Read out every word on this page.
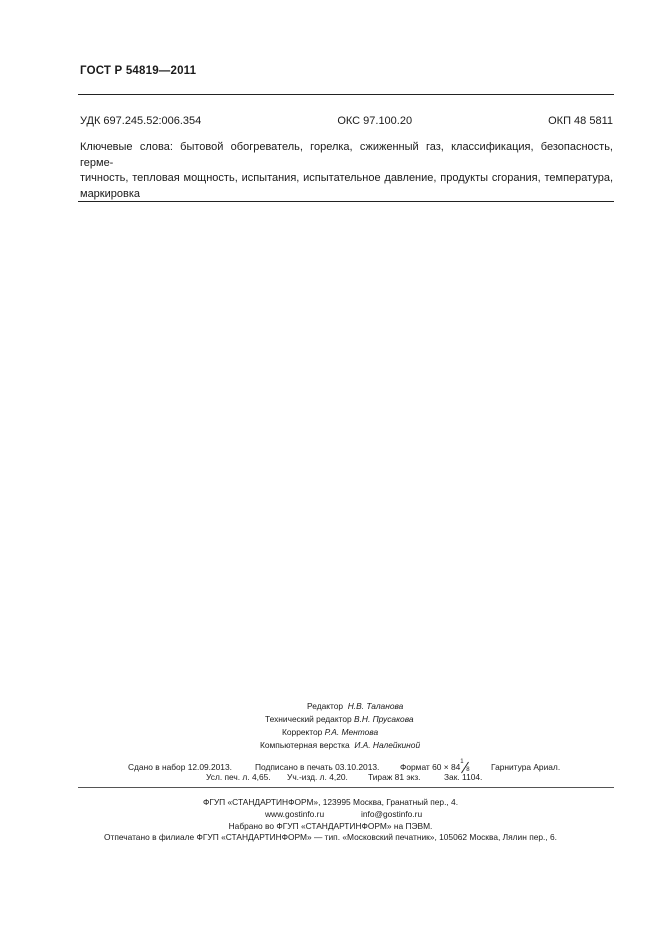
ГОСТ Р 54819—2011
УДК 697.245.52:006.354	ОКС 97.100.20	ОКП 48 5811
Ключевые слова: бытовой обогреватель, горелка, сжиженный газ, классификация, безопасность, герме-
тичность, тепловая мощность, испытания, испытательное давление, продукты сгорания, температура,
маркировка
Редактор Н.В. Таланова
Технический редактор В.Н. Прусакова
Корректор Р.А. Ментова
Компьютерная верстка И.А. Налейкиной
Сдано в набор 12.09.2013.	Подписано в печать 03.10.2013. Формат 60 × 84
1
8	Гарнитура Ариал.
Усл. печ. л. 4,65. Уч.-изд. л. 4,20. Тираж 81 экз.	Зак. 1104.
ФГУП «СТАНДАРТИНФОРМ», 123995 Москва, Гранатный пер., 4.
www.gostinfo.ru	info@gostinfo.ru
Набрано во ФГУП «СТАНДАРТИНФОРМ» на ПЭВМ.
Отпечатано в филиале ФГУП «СТАНДАРТИНФОРМ» — тип. «Московский печатник», 105062 Москва, Лялин пер., 6.
